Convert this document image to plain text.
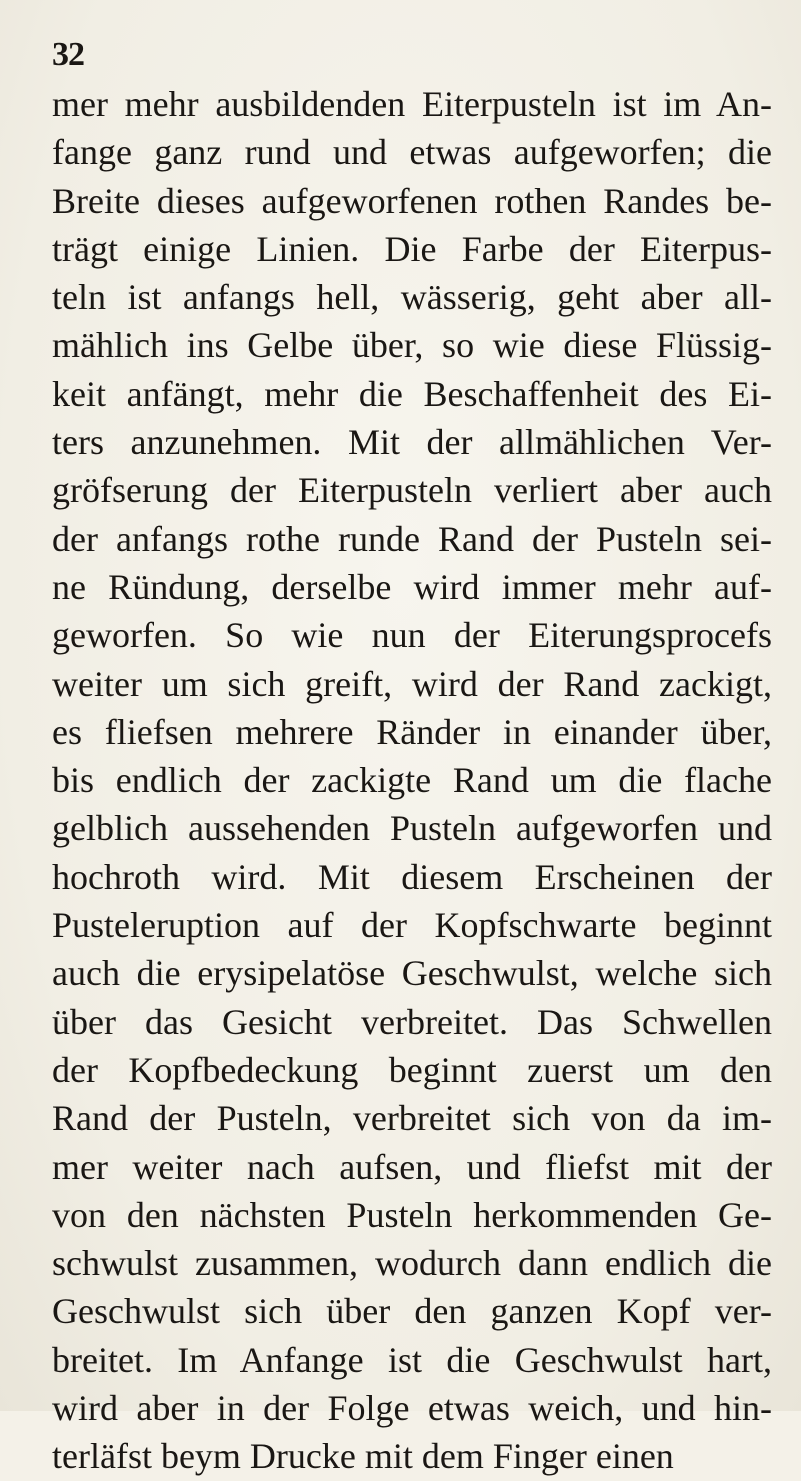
32
mer mehr ausbildenden Eiterpusteln ist im An-
fange ganz rund und etwas aufgeworfen; die
Breite dieses aufgeworfenen rothen Randes be-
trägt einige Linien. Die Farbe der Eiterpus-
teln ist anfangs hell, wässerig, geht aber all-
mählich ins Gelbe über, so wie diese Flüssig-
keit anfängt, mehr die Beschaffenheit des Ei-
ters anzunehmen. Mit der allmählichen Ver-
gröfserung der Eiterpusteln verliert aber auch
der anfangs rothe runde Rand der Pusteln sei-
ne Ründung, derselbe wird immer mehr auf-
geworfen. So wie nun der Eiterungsprocefs
weiter um sich greift, wird der Rand zackigt,
es fliefsen mehrere Ränder in einander über,
bis endlich der zackigte Rand um die flache
gelblich aussehenden Pusteln aufgeworfen und
hochroth wird. Mit diesem Erscheinen der
Pusteleruption auf der Kopfschwarte beginnt
auch die erysipelatöse Geschwulst, welche sich
über das Gesicht verbreitet. Das Schwellen
der Kopfbedeckung beginnt zuerst um den
Rand der Pusteln, verbreitet sich von da im-
mer weiter nach aufsen, und fliefst mit der
von den nächsten Pusteln herkommenden Ge-
schwulst zusammen, wodurch dann endlich die
Geschwulst sich über den ganzen Kopf ver-
breitet. Im Anfange ist die Geschwulst hart,
wird aber in der Folge etwas weich, und hin-
terläfst beym Drucke mit dem Finger einen
